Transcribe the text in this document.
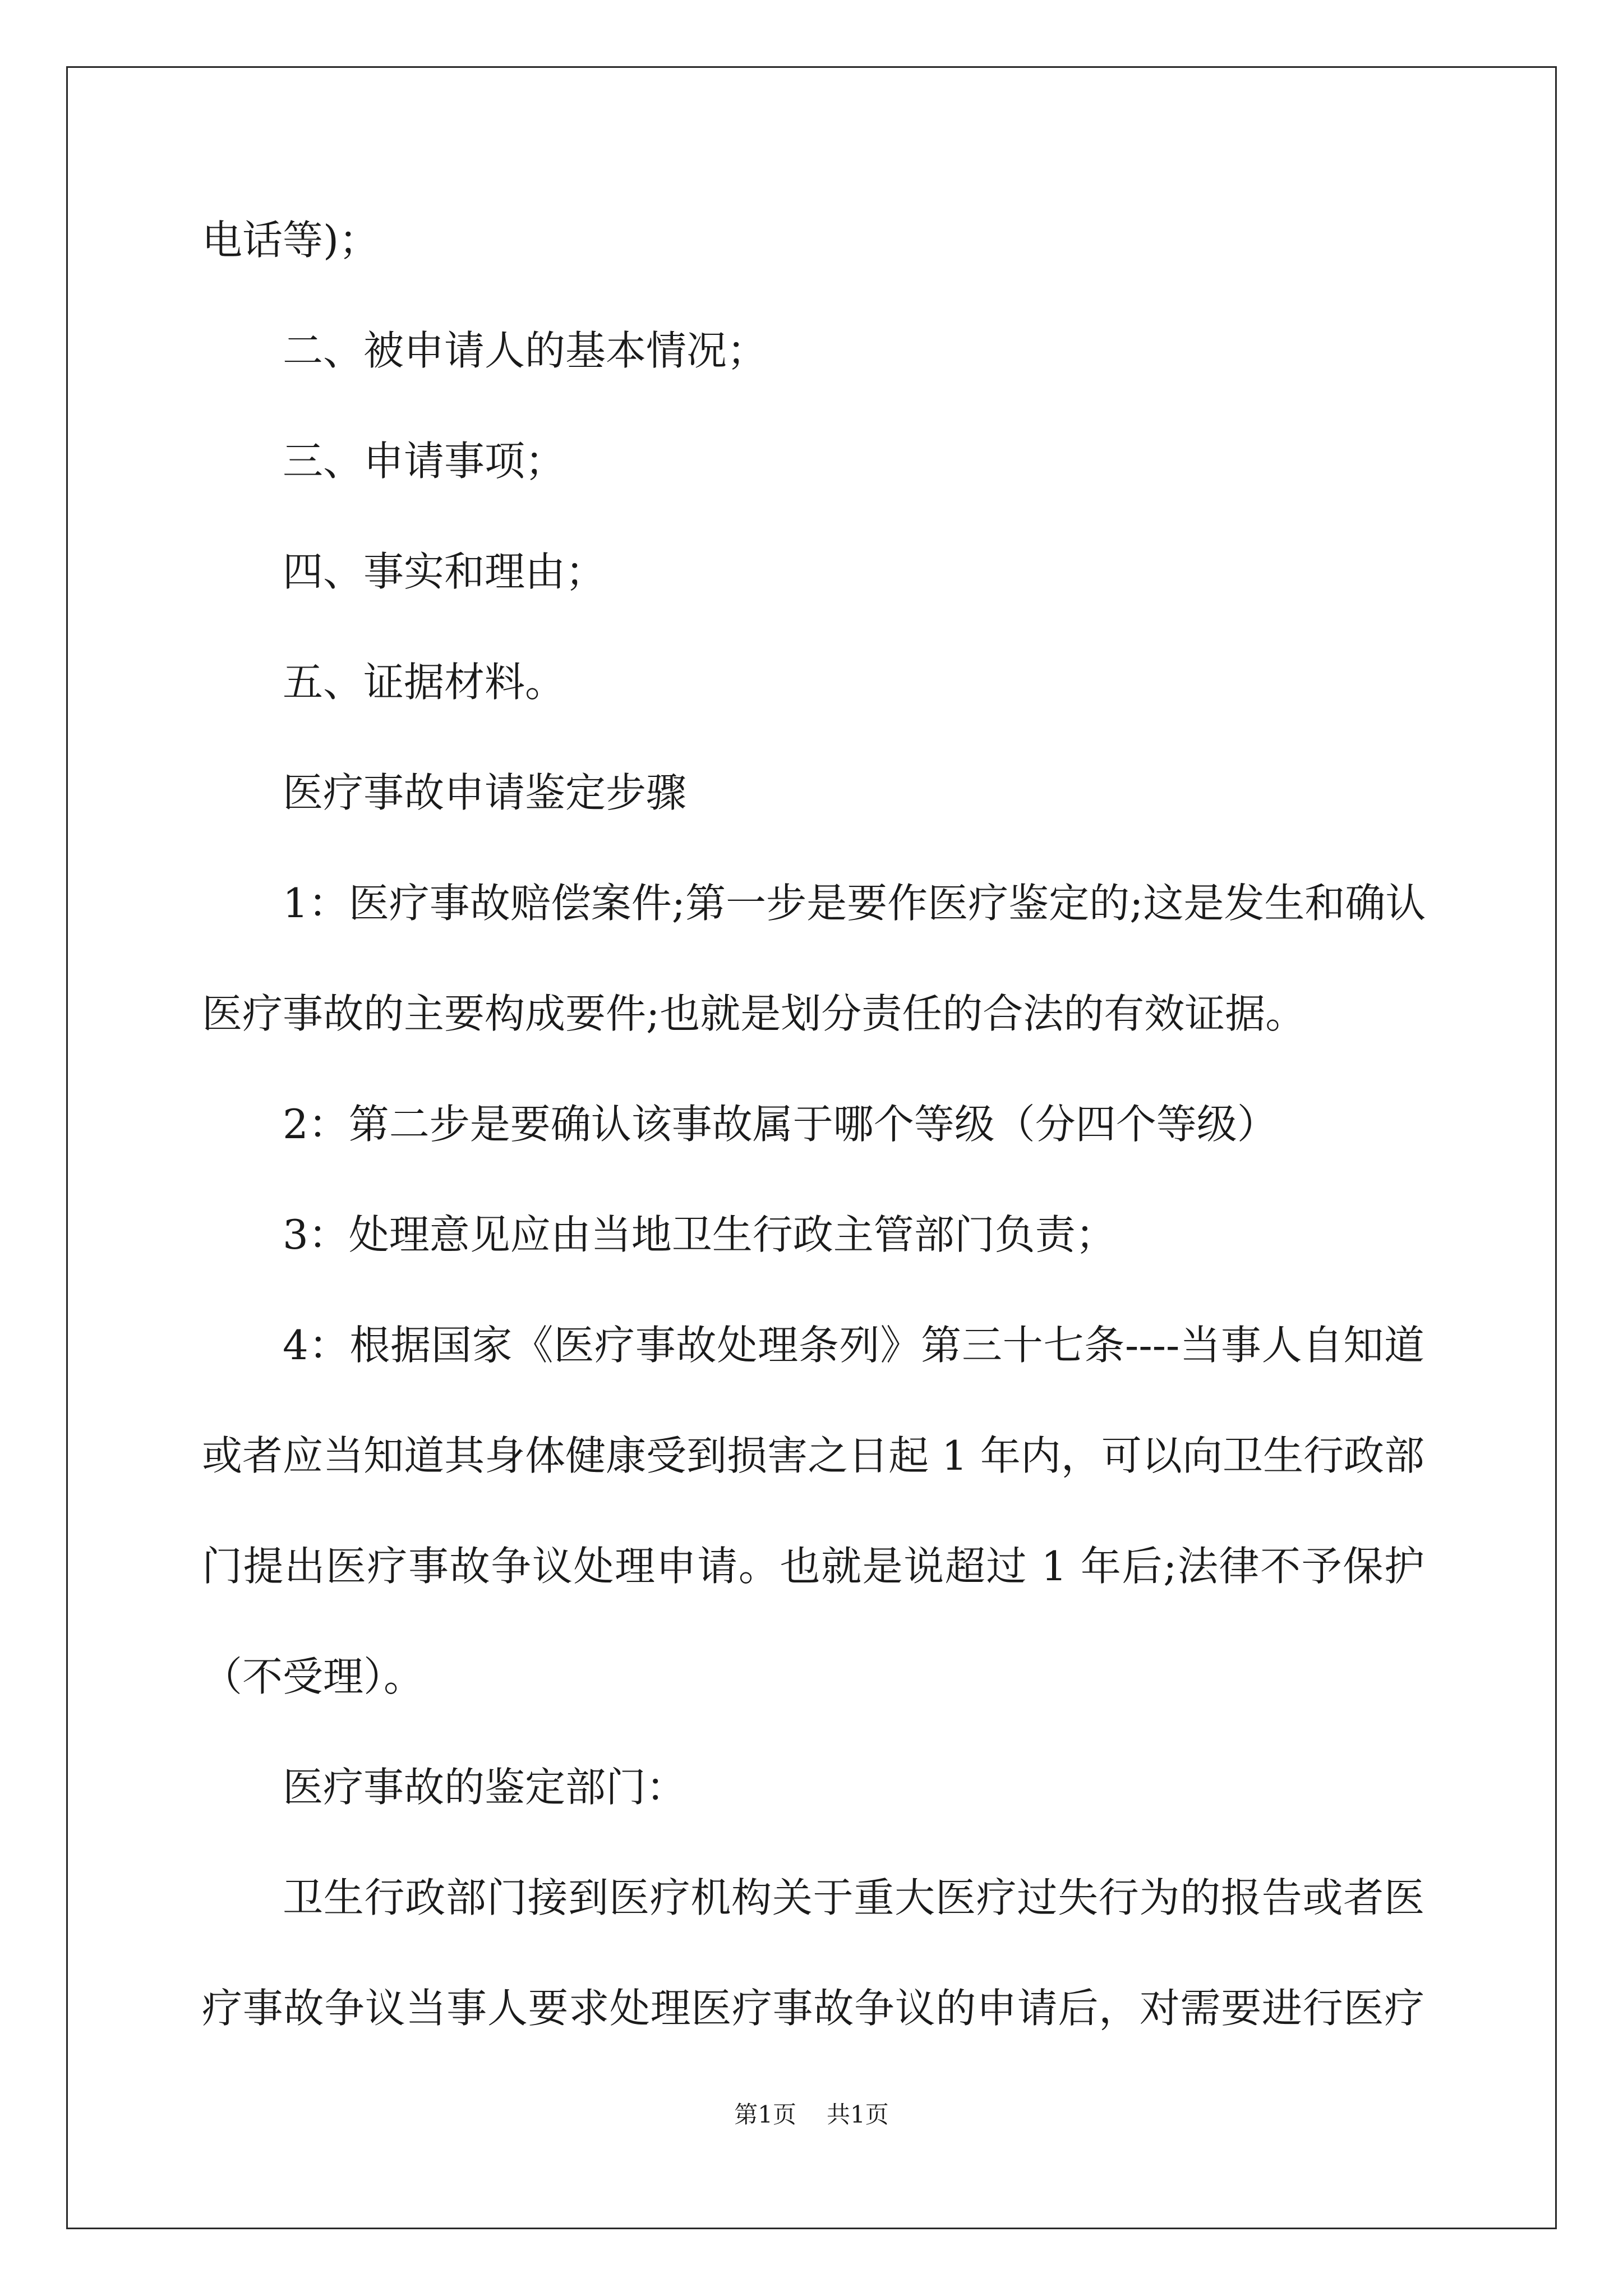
电话等)；
二、被申请人的基本情况；
三、申请事项；
四、事实和理由；
五、证据材料。
医疗事故申请鉴定步骤
1：医疗事故赔偿案件;第一步是要作医疗鉴定的;这是发生和确认
医疗事故的主要构成要件;也就是划分责任的合法的有效证据。
2：第二步是要确认该事故属于哪个等级（分四个等级）
3：处理意见应由当地卫生行政主管部门负责；
4：根据国家《医疗事故处理条列》第三十七条----当事人自知道
或者应当知道其身体健康受到损害之日起 1 年内，可以向卫生行政部
门提出医疗事故争议处理申请。也就是说超过 1 年后;法律不予保护
（不受理）。
医疗事故的鉴定部门：
卫生行政部门接到医疗机构关于重大医疗过失行为的报告或者医
疗事故争议当事人要求处理医疗事故争议的申请后，对需要进行医疗
第1页 共1页
